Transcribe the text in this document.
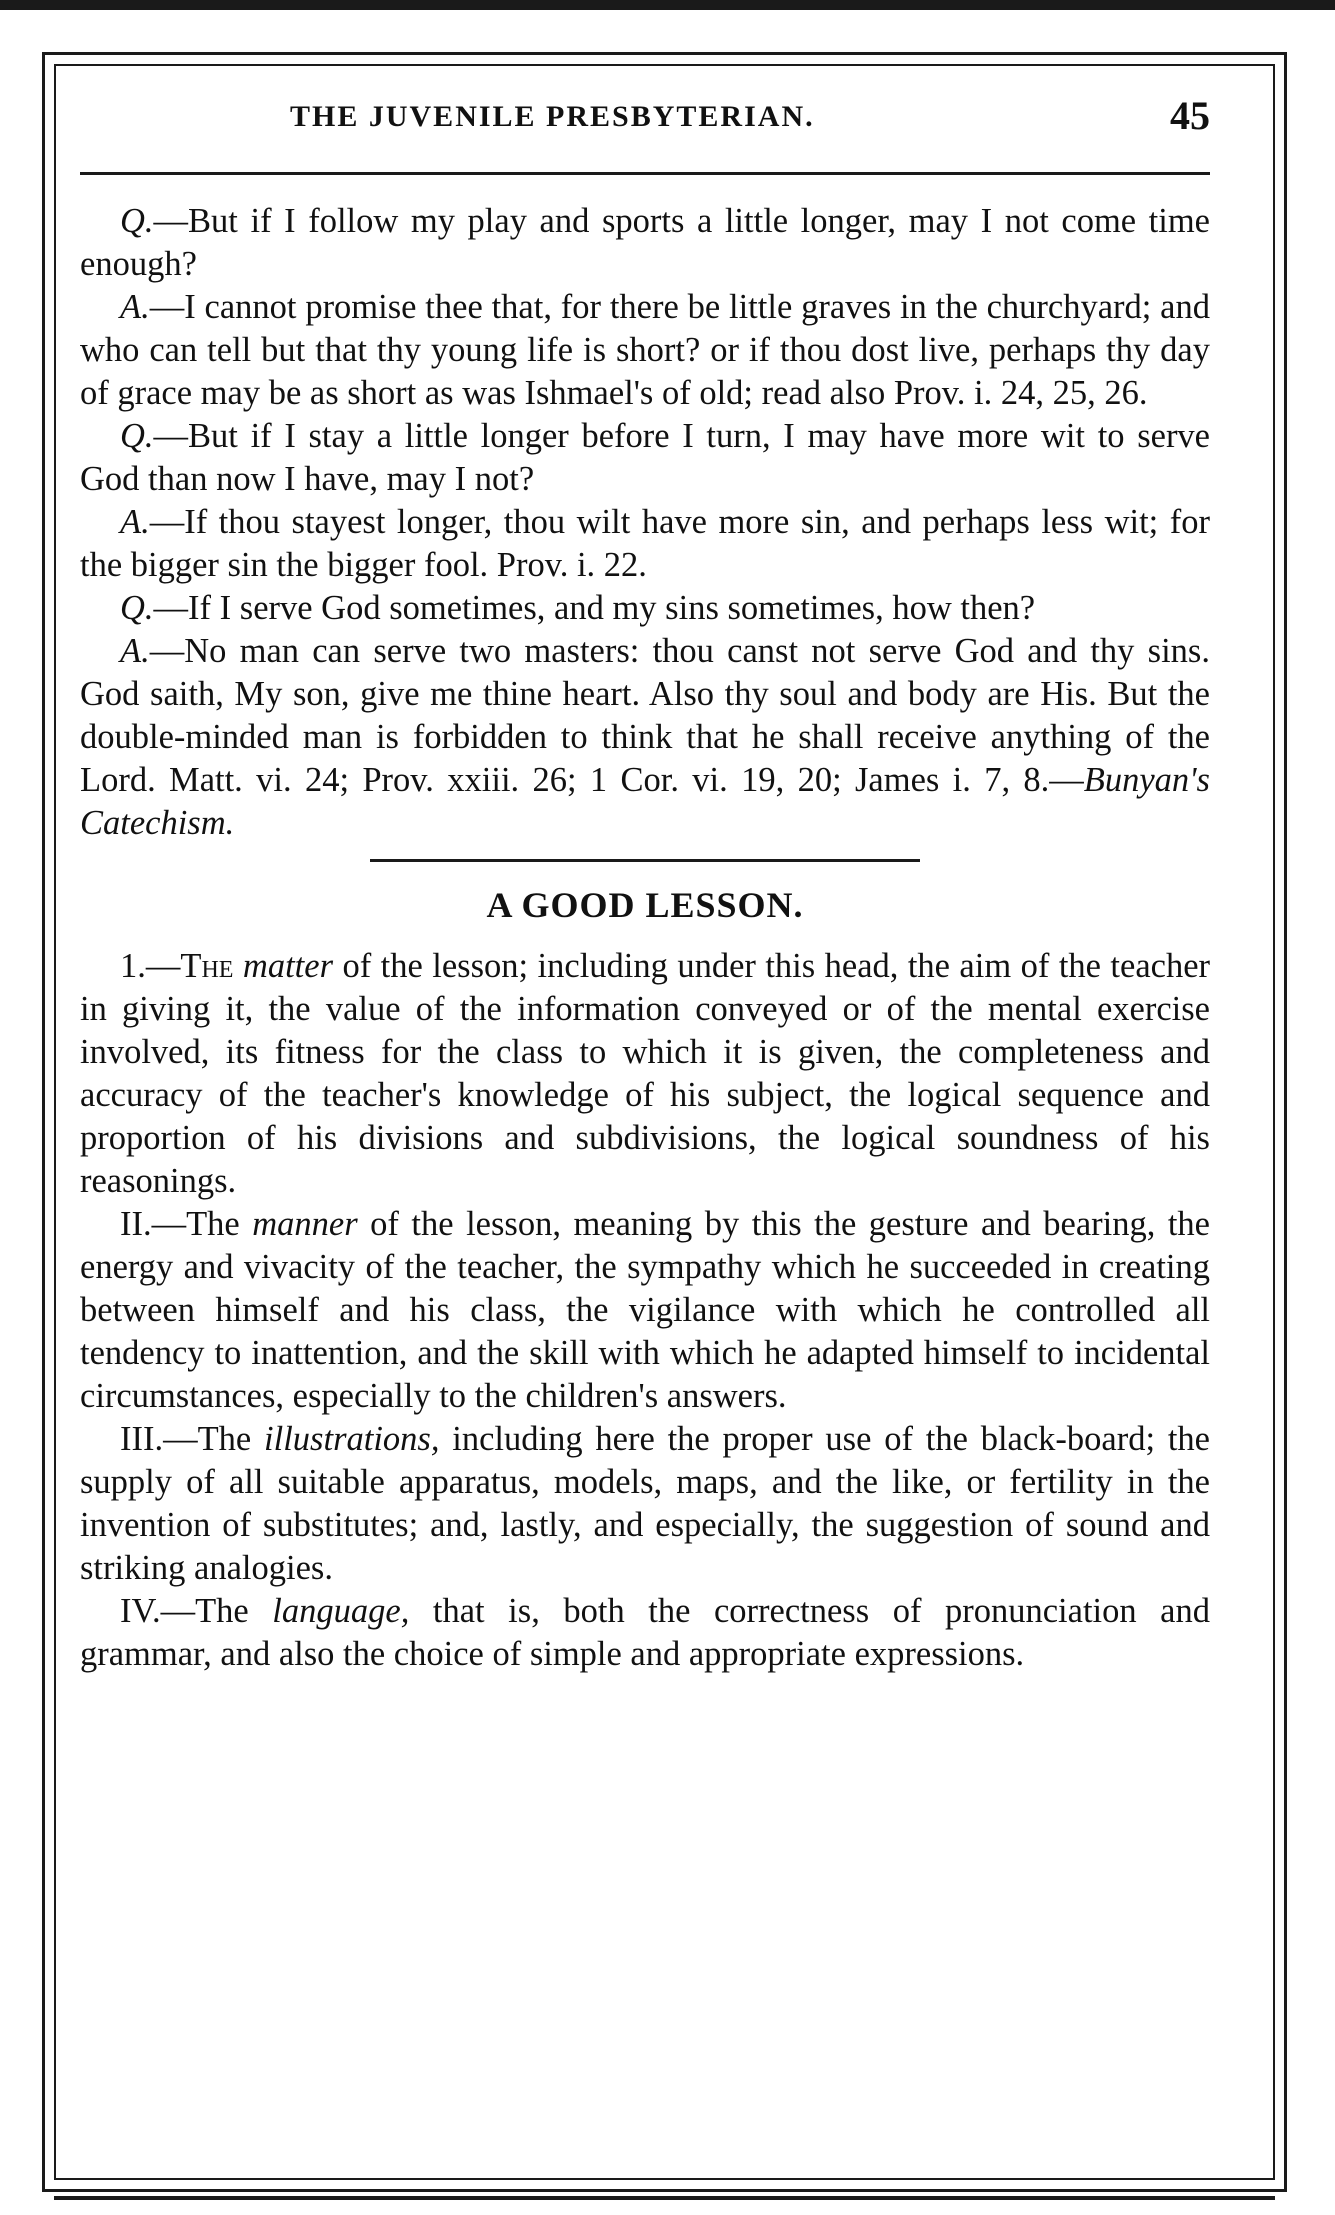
THE JUVENILE PRESBYTERIAN.	45

Q.—But if I follow my play and sports a little longer, may I not come time enough?

A.—I cannot promise thee that, for there be little graves in the churchyard; and who can tell but that thy young life is short? or if thou dost live, perhaps thy day of grace may be as short as was Ishmael's of old; read also Prov. i. 24, 25, 26.

Q.—But if I stay a little longer before I turn, I may have more wit to serve God than now I have, may I not?

A.—If thou stayest longer, thou wilt have more sin, and perhaps less wit; for the bigger sin the bigger fool. Prov. i. 22.

Q.—If I serve God sometimes, and my sins sometimes, how then?

A.—No man can serve two masters: thou canst not serve God and thy sins. God saith, My son, give me thine heart. Also thy soul and body are His. But the double-minded man is forbidden to think that he shall receive anything of the Lord. Matt. vi. 24; Prov. xxiii. 26; 1 Cor. vi. 19, 20; James i. 7, 8.—Bunyan's Catechism.

A GOOD LESSON.

1.—The matter of the lesson; including under this head, the aim of the teacher in giving it, the value of the information conveyed or of the mental exercise involved, its fitness for the class to which it is given, the completeness and accuracy of the teacher's knowledge of his subject, the logical sequence and proportion of his divisions and subdivisions, the logical soundness of his reasonings.

II.—The manner of the lesson, meaning by this the gesture and bearing, the energy and vivacity of the teacher, the sympathy which he succeeded in creating between himself and his class, the vigilance with which he controlled all tendency to inattention, and the skill with which he adapted himself to incidental circumstances, especially to the children's answers.

III.—The illustrations, including here the proper use of the black-board; the supply of all suitable apparatus, models, maps, and the like, or fertility in the invention of substitutes; and, lastly, and especially, the suggestion of sound and striking analogies.

IV.—The language, that is, both the correctness of pronunciation and grammar, and also the choice of simple and appropriate expressions.
